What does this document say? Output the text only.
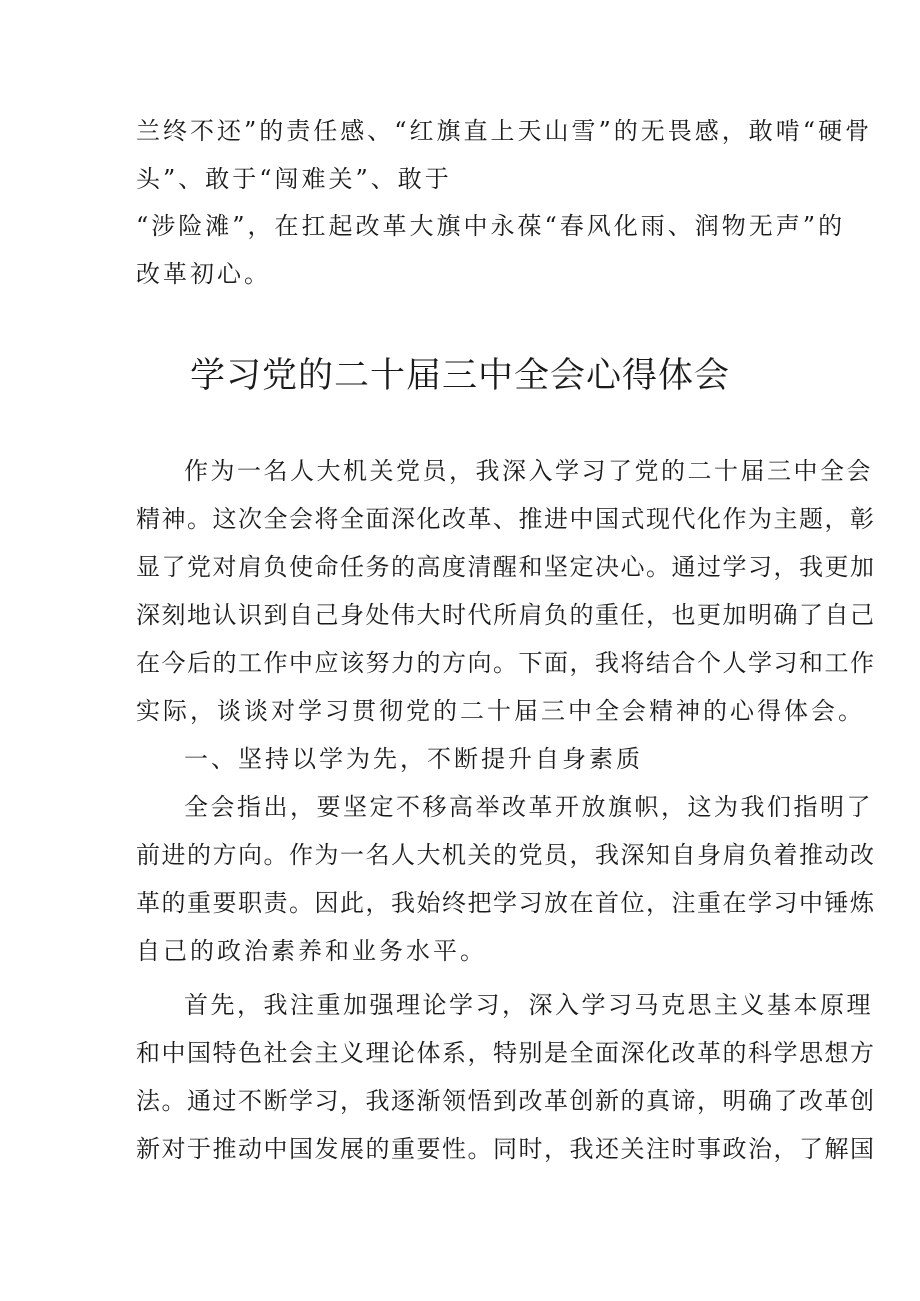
兰终不还”的责任感、“红旗直上天山雪”的无畏感，敢啃“硬骨
头”、敢于“闯难关”、敢于
“涉险滩”，在扛起改革大旗中永葆“春风化雨、润物无声”的
改革初心。
学习党的二十届三中全会心得体会
作为一名人大机关党员，我深入学习了党的二十届三中全会
精神。这次全会将全面深化改革、推进中国式现代化作为主题，彰
显了党对肩负使命任务的高度清醒和坚定决心。通过学习，我更加
深刻地认识到自己身处伟大时代所肩负的重任，也更加明确了自己
在今后的工作中应该努力的方向。下面，我将结合个人学习和工作
实际，谈谈对学习贯彻党的二十届三中全会精神的心得体会。
一、坚持以学为先，不断提升自身素质
全会指出，要坚定不移高举改革开放旗帜，这为我们指明了
前进的方向。作为一名人大机关的党员，我深知自身肩负着推动改
革的重要职责。因此，我始终把学习放在首位，注重在学习中锤炼
自己的政治素养和业务水平。
首先，我注重加强理论学习，深入学习马克思主义基本原理
和中国特色社会主义理论体系，特别是全面深化改革的科学思想方
法。通过不断学习，我逐渐领悟到改革创新的真谛，明确了改革创
新对于推动中国发展的重要性。同时，我还关注时事政治，了解国
